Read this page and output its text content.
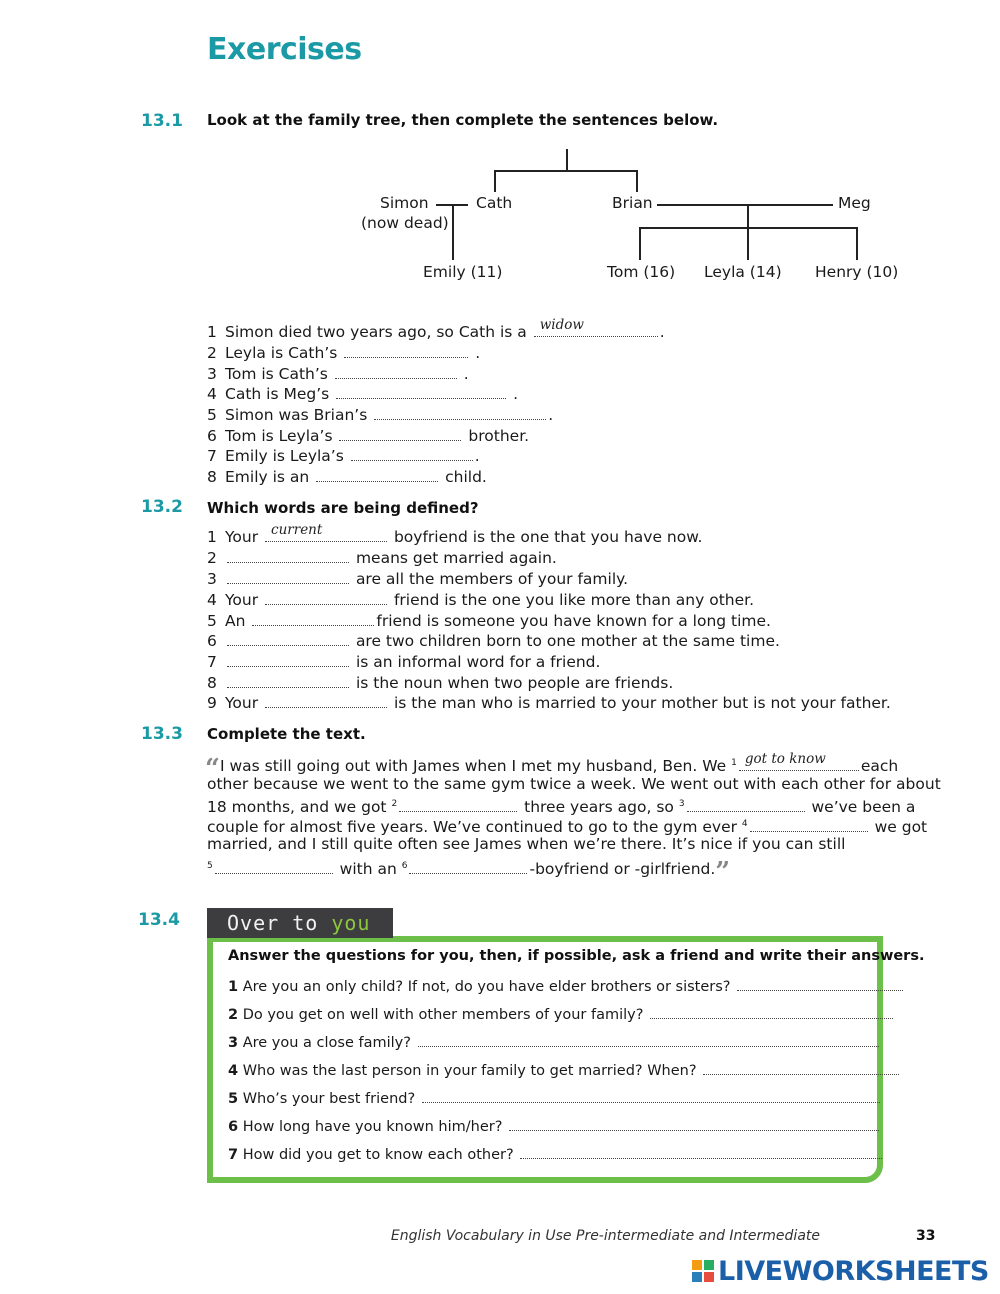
Exercises
13.1 Look at the family tree, then complete the sentences below.
Simon
(now dead)
Cath	Brian	Meg
Emily (11)	Tom (16) Leyla (14) Henry (10)
1 Simon died two years ago, so Cath is a widow	.
2 Leyla is Cath’s	.
3 Tom is Cath’s	.
4 Cath is Meg’s	.
5 Simon was Brian’s	.
6 Tom is Leyla’s	brother.
7 Emily is Leyla’s	.
8 Emily is an	child.
13.2 Which words are being defined?
1 Your current	boyfriend is the one that you have now.
2	means get married again.
3	are all the members of your family.
4 Your	friend is the one you like more than any other.
5 An	friend is someone you have known for a long time.
6	are two children born to one mother at the same time.
7	is an informal word for a friend.
8	is the noun when two people are friends.
9 Your	is the man who is married to your mother but is not your father.
13.3 Complete the text.
“I was still going out with James when I met my husband, Ben. We $^1$ got to know each
other because we went to the same gym twice a week. We went out with each other for about
18 months, and we got $^2$	three years ago, so $^3$	we’ve been a
couple for almost five years. We’ve continued to go to the gym ever $^4$	we got
married, and I still quite often see James when we’re there. It’s nice if you can still
$^5$	with an $^6$	-boyfriend or -girlfriend.”
13.4	Over to you
Answer the questions for you, then, if possible, ask a friend and write their answers.
1 Are you an only child? If not, do you have elder brothers or sisters?
2 Do you get on well with other members of your family?
3 Are you a close family?
4 Who was the last person in your family to get married? When?
5 Who’s your best friend?
6 How long have you known him/her?
7 How did you get to know each other?
English Vocabulary in Use Pre-intermediate and Intermediate	33
LIVEWORKSHEETS
